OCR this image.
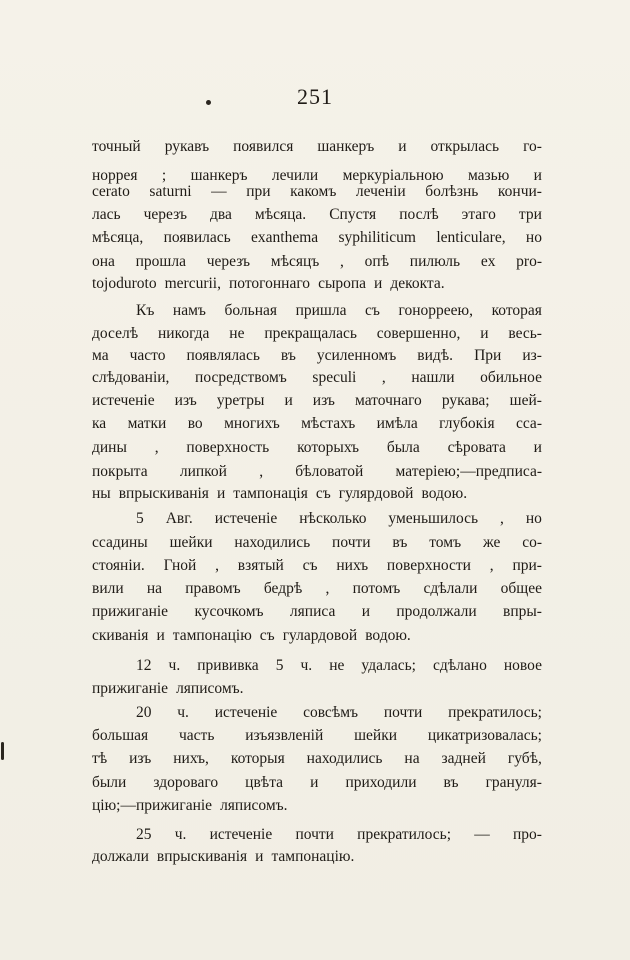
251
точный рукавъ появился шанкеръ и открылась го-
норрея ; шанкеръ лечили меркуріальною мазью и
cerato saturni — при какомъ леченіи болѣзнь кончи-
лась черезъ два мѣсяца. Спустя послѣ этаго три
мѣсяца, появилась exanthema syphiliticum lenticulare, но
она прошла черезъ мѣсяцъ , опѣ пилюль ex pro-
tojoduroto mercurii, потогоннаго сыропа и декокта.
Къ намъ больная пришла съ гонорреею, которая
доселѣ никогда не прекращалась совершенно, и весь-
ма часто появлялась въ усиленномъ видѣ. При из-
слѣдованіи, посредствомъ speculi , нашли обильное
истеченіе изъ уретры и изъ маточнаго рукава; шей-
ка матки во многихъ мѣстахъ имѣла глубокія сса-
дины , поверхность которыхъ была сѣровата и
покрыта липкой , бѣловатой матеріею;—предписа-
ны впрыскиванія и тампонація съ гулярдовой водою.
5 Авг. истеченіе нѣсколько уменьшилось , но
ссадины шейки находились почти въ томъ же со-
стояніи. Гной , взятый съ нихъ поверхности , при-
вили на правомъ бедрѣ , потомъ сдѣлали общее
прижиганіе кусочкомъ ляписа и продолжали впры-
скиванія и тампонацію съ гулардовой водою.
12 ч. прививка 5 ч. не удалась; сдѣлано новое
прижиганіе ляписомъ.
20 ч. истеченіе совсѣмъ почти прекратилось;
большая часть изъязвленій шейки цикатризовалась;
тѣ изъ нихъ, которыя находились на задней губѣ,
были здороваго цвѣта и приходили въ грануля-
цію;—прижиганіе ляписомъ.
25 ч. истеченіе почти прекратилось; — про-
должали впрыскиванія и тампонацію.
